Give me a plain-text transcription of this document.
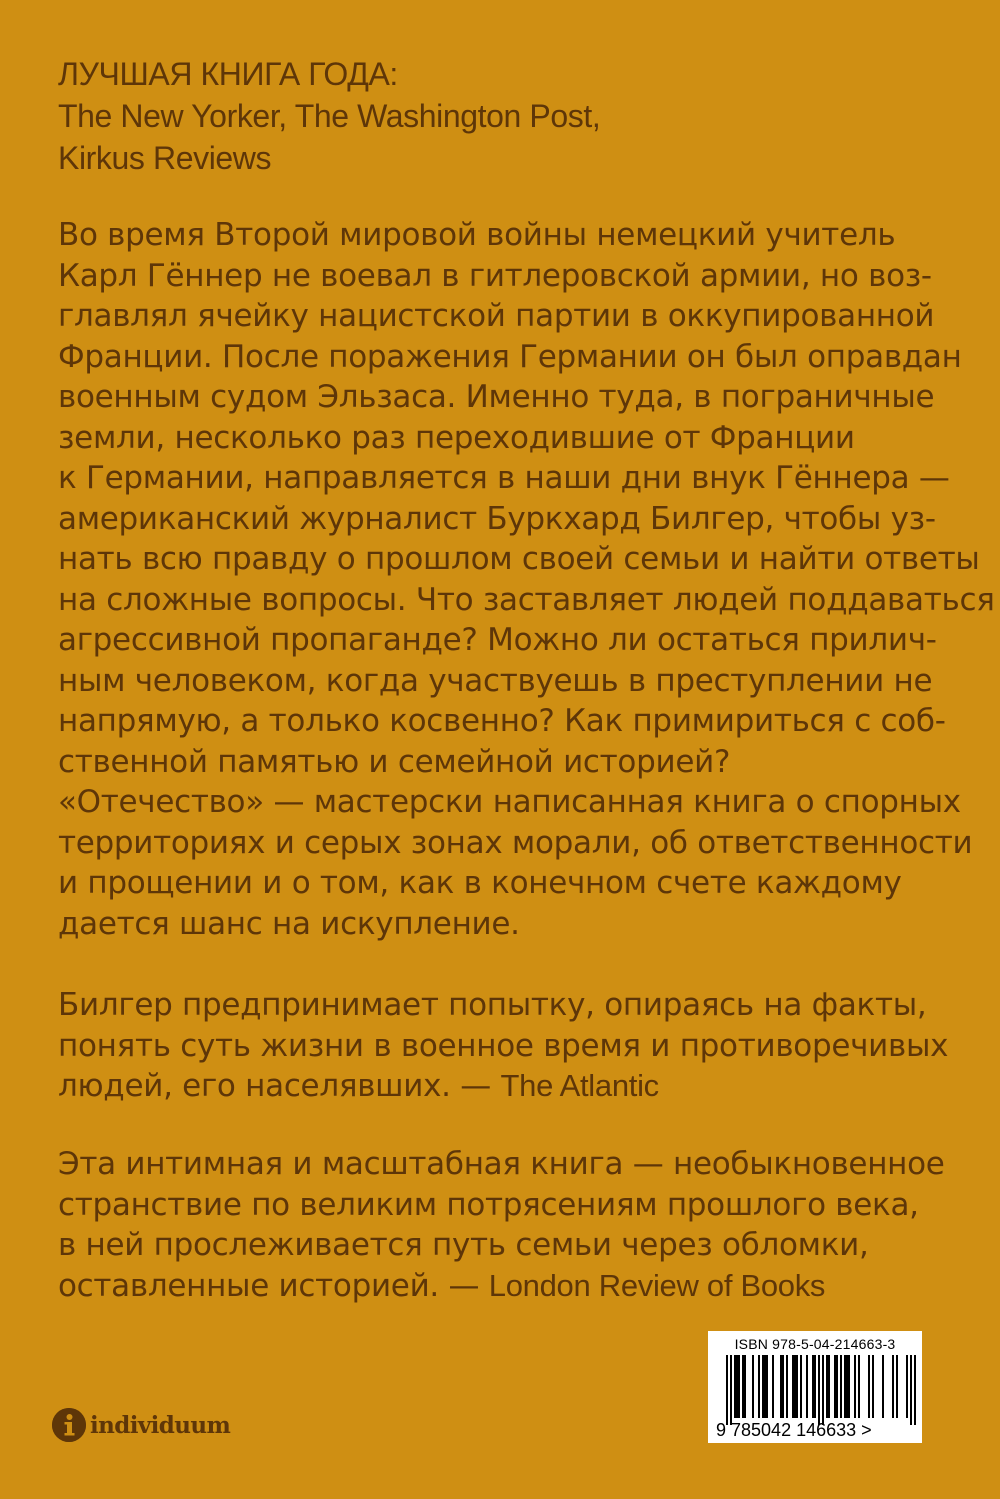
ЛУЧШАЯ КНИГА ГОДА:
The New Yorker, The Washington Post,
Kirkus Reviews
Во время Второй мировой войны немецкий учитель
Карл Гённер не воевал в гитлеровской армии, но воз-
главлял ячейку нацистской партии в оккупированной
Франции. После поражения Германии он был оправдан
военным судом Эльзаса. Именно туда, в пограничные
земли, несколько раз переходившие от Франции
к Германии, направляется в наши дни внук Гённера —
американский журналист Буркхард Билгер, чтобы уз-
нать всю правду о прошлом своей семьи и найти ответы
на сложные вопросы. Что заставляет людей поддаваться
агрессивной пропаганде? Можно ли остаться прилич-
ным человеком, когда участвуешь в преступлении не
напрямую, а только косвенно? Как примириться с соб-
ственной памятью и семейной историей?
«Отечество» — мастерски написанная книга о спорных
территориях и серых зонах морали, об ответственности
и прощении и о том, как в конечном счете каждому
дается шанс на искупление.
Билгер предпринимает попытку, опираясь на факты,
понять суть жизни в военное время и противоречивых
людей, его населявших. — The Atlantic
Эта интимная и масштабная книга — необыкновенное
странствие по великим потрясениям прошлого века,
в ней прослеживается путь семьи через обломки,
оставленные историей. — London Review of Books
individuum
ISBN 978-5-04-214663-3
9 785042 146633 >
